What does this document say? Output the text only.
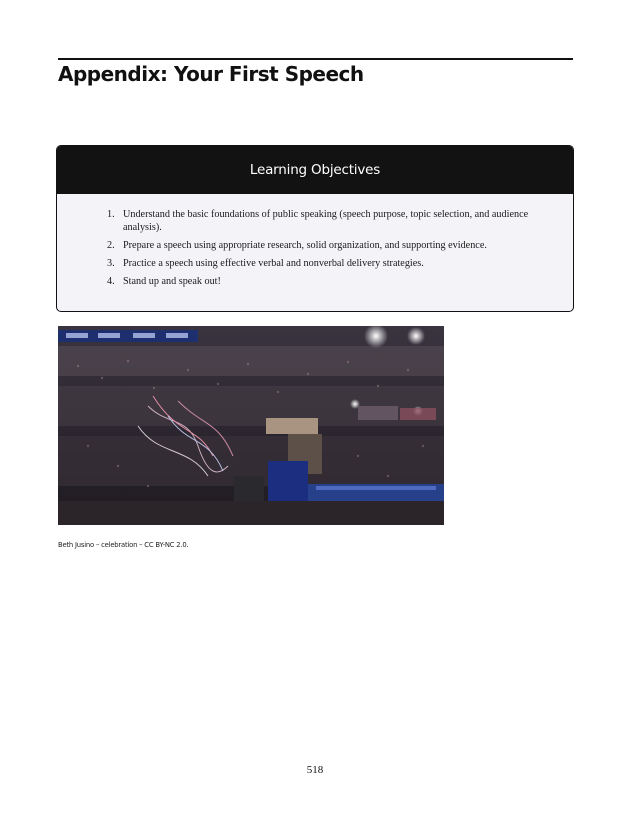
Appendix: Your First Speech
Learning Objectives
1. Understand the basic foundations of public speaking (speech purpose, topic selection, and audience analysis).
2. Prepare a speech using appropriate research, solid organization, and supporting evidence.
3. Practice a speech using effective verbal and nonverbal delivery strategies.
4. Stand up and speak out!

Beth Jusino – celebration – CC BY-NC 2.0.

518
